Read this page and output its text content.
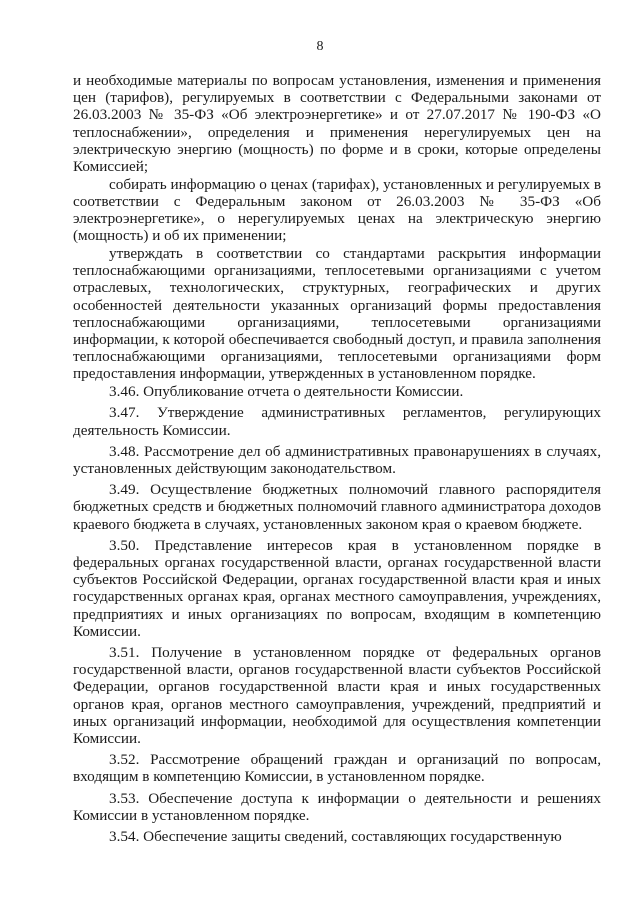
8

и необходимые материалы по вопросам установления, изменения и применения цен (тарифов), регулируемых в соответствии с Федеральными законами от 26.03.2003 № 35-ФЗ «Об электроэнергетике» и от 27.07.2017 № 190-ФЗ «О теплоснабжении», определения и применения нерегулируемых цен на электрическую энергию (мощность) по форме и в сроки, которые определены Комиссией;

собирать информацию о ценах (тарифах), установленных и регулируемых в соответствии с Федеральным законом от 26.03.2003 № 35-ФЗ «Об электроэнергетике», о нерегулируемых ценах на электрическую энергию (мощность) и об их применении;

утверждать в соответствии со стандартами раскрытия информации теплоснабжающими организациями, теплосетевыми организациями с учетом отраслевых, технологических, структурных, географических и других особенностей деятельности указанных организаций формы предоставления теплоснабжающими организациями, теплосетевыми организациями информации, к которой обеспечивается свободный доступ, и правила заполнения теплоснабжающими организациями, теплосетевыми организациями форм предоставления информации, утвержденных в установленном порядке.

3.46. Опубликование отчета о деятельности Комиссии.

3.47. Утверждение административных регламентов, регулирующих деятельность Комиссии.

3.48. Рассмотрение дел об административных правонарушениях в случаях, установленных действующим законодательством.

3.49. Осуществление бюджетных полномочий главного распорядителя бюджетных средств и бюджетных полномочий главного администратора доходов краевого бюджета в случаях, установленных законом края о краевом бюджете.

3.50. Представление интересов края в установленном порядке в федеральных органах государственной власти, органах государственной власти субъектов Российской Федерации, органах государственной власти края и иных государственных органах края, органах местного самоуправления, учреждениях, предприятиях и иных организациях по вопросам, входящим в компетенцию Комиссии.

3.51. Получение в установленном порядке от федеральных органов государственной власти, органов государственной власти субъектов Российской Федерации, органов государственной власти края и иных государственных органов края, органов местного самоуправления, учреждений, предприятий и иных организаций информации, необходимой для осуществления компетенции Комиссии.

3.52. Рассмотрение обращений граждан и организаций по вопросам, входящим в компетенцию Комиссии, в установленном порядке.

3.53. Обеспечение доступа к информации о деятельности и решениях Комиссии в установленном порядке.

3.54. Обеспечение защиты сведений, составляющих государственную
